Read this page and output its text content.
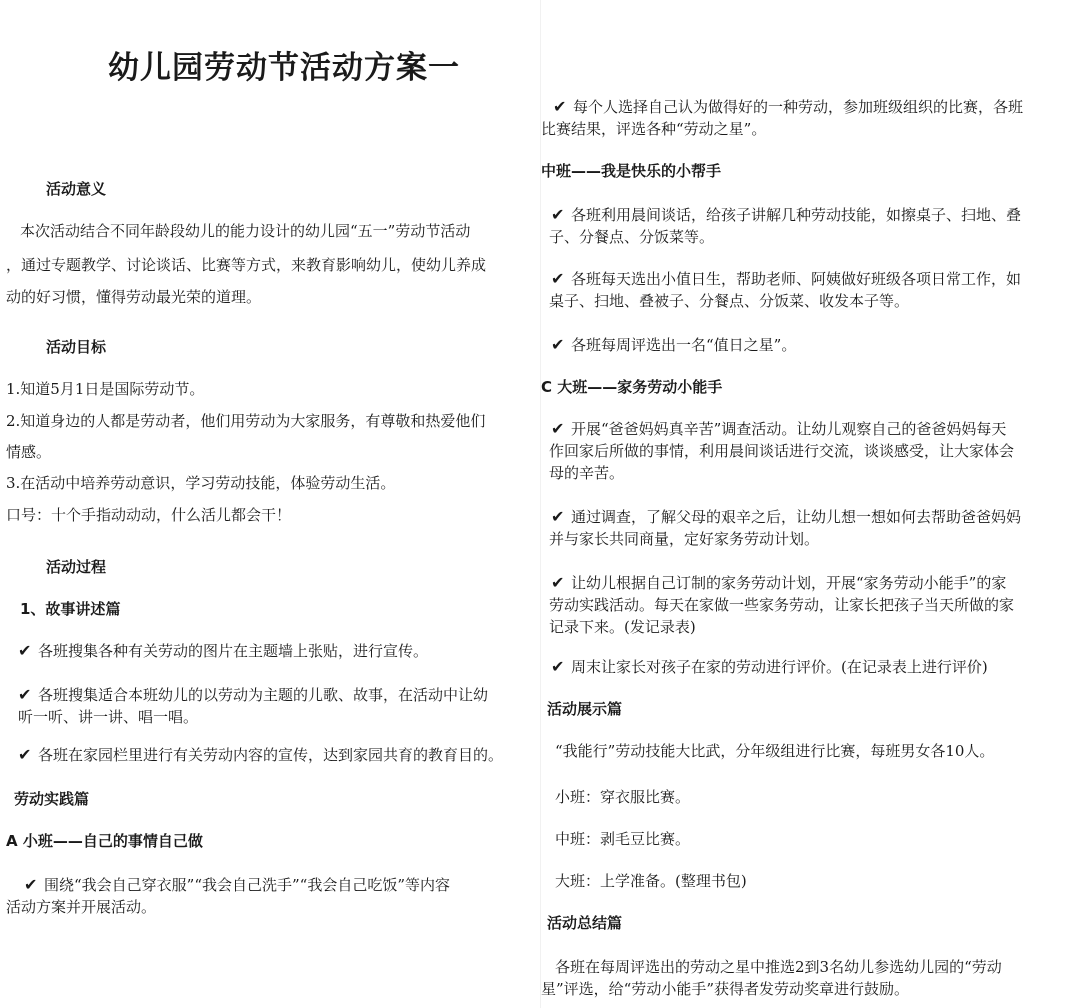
幼儿园劳动节活动方案一
活动意义
本次活动结合不同年龄段幼儿的能力设计的幼儿园“五一”劳动节活动
，通过专题教学、讨论谈话、比赛等方式，来教育影响幼儿，使幼儿养成
动的好习惯，懂得劳动最光荣的道理。
活动目标
1.知道5月1日是国际劳动节。
2.知道身边的人都是劳动者，他们用劳动为大家服务，有尊敬和热爱他们
情感。
3.在活动中培养劳动意识，学习劳动技能，体验劳动生活。
口号：十个手指动动动，什么活儿都会干！
活动过程
1、故事讲述篇
✔ 各班搜集各种有关劳动的图片在主题墙上张贴，进行宣传。
✔ 各班搜集适合本班幼儿的以劳动为主题的儿歌、故事，在活动中让幼
听一听、讲一讲、唱一唱。
✔ 各班在家园栏里进行有关劳动内容的宣传，达到家园共育的教育目的。
劳动实践篇
A 小班——自己的事情自己做
✔ 围绕“我会自己穿衣服”“我会自己洗手”“我会自己吃饭”等内容
活动方案并开展活动。
✔ 每个人选择自己认为做得好的一种劳动，参加班级组织的比赛，各班
比赛结果，评选各种“劳动之星”。
中班——我是快乐的小帮手
✔ 各班利用晨间谈话，给孩子讲解几种劳动技能，如擦桌子、扫地、叠
子、分餐点、分饭菜等。
✔ 各班每天选出小值日生，帮助老师、阿姨做好班级各项日常工作，如
桌子、扫地、叠被子、分餐点、分饭菜、收发本子等。
✔ 各班每周评选出一名“值日之星”。
C 大班——家务劳动小能手
✔ 开展“爸爸妈妈真辛苦”调查活动。让幼儿观察自己的爸爸妈妈每天
作回家后所做的事情，利用晨间谈话进行交流，谈谈感受，让大家体会
母的辛苦。
✔ 通过调查，了解父母的艰辛之后，让幼儿想一想如何去帮助爸爸妈妈
并与家长共同商量，定好家务劳动计划。
✔ 让幼儿根据自己订制的家务劳动计划，开展“家务劳动小能手”的家
劳动实践活动。每天在家做一些家务劳动，让家长把孩子当天所做的家
记录下来。(发记录表)
✔ 周末让家长对孩子在家的劳动进行评价。(在记录表上进行评价)
活动展示篇
“我能行”劳动技能大比武，分年级组进行比赛，每班男女各10人。
小班：穿衣服比赛。
中班：剥毛豆比赛。
大班：上学准备。(整理书包)
活动总结篇
各班在每周评选出的劳动之星中推选2到3名幼儿参选幼儿园的“劳动
星”评选，给“劳动小能手”获得者发劳动奖章进行鼓励。
